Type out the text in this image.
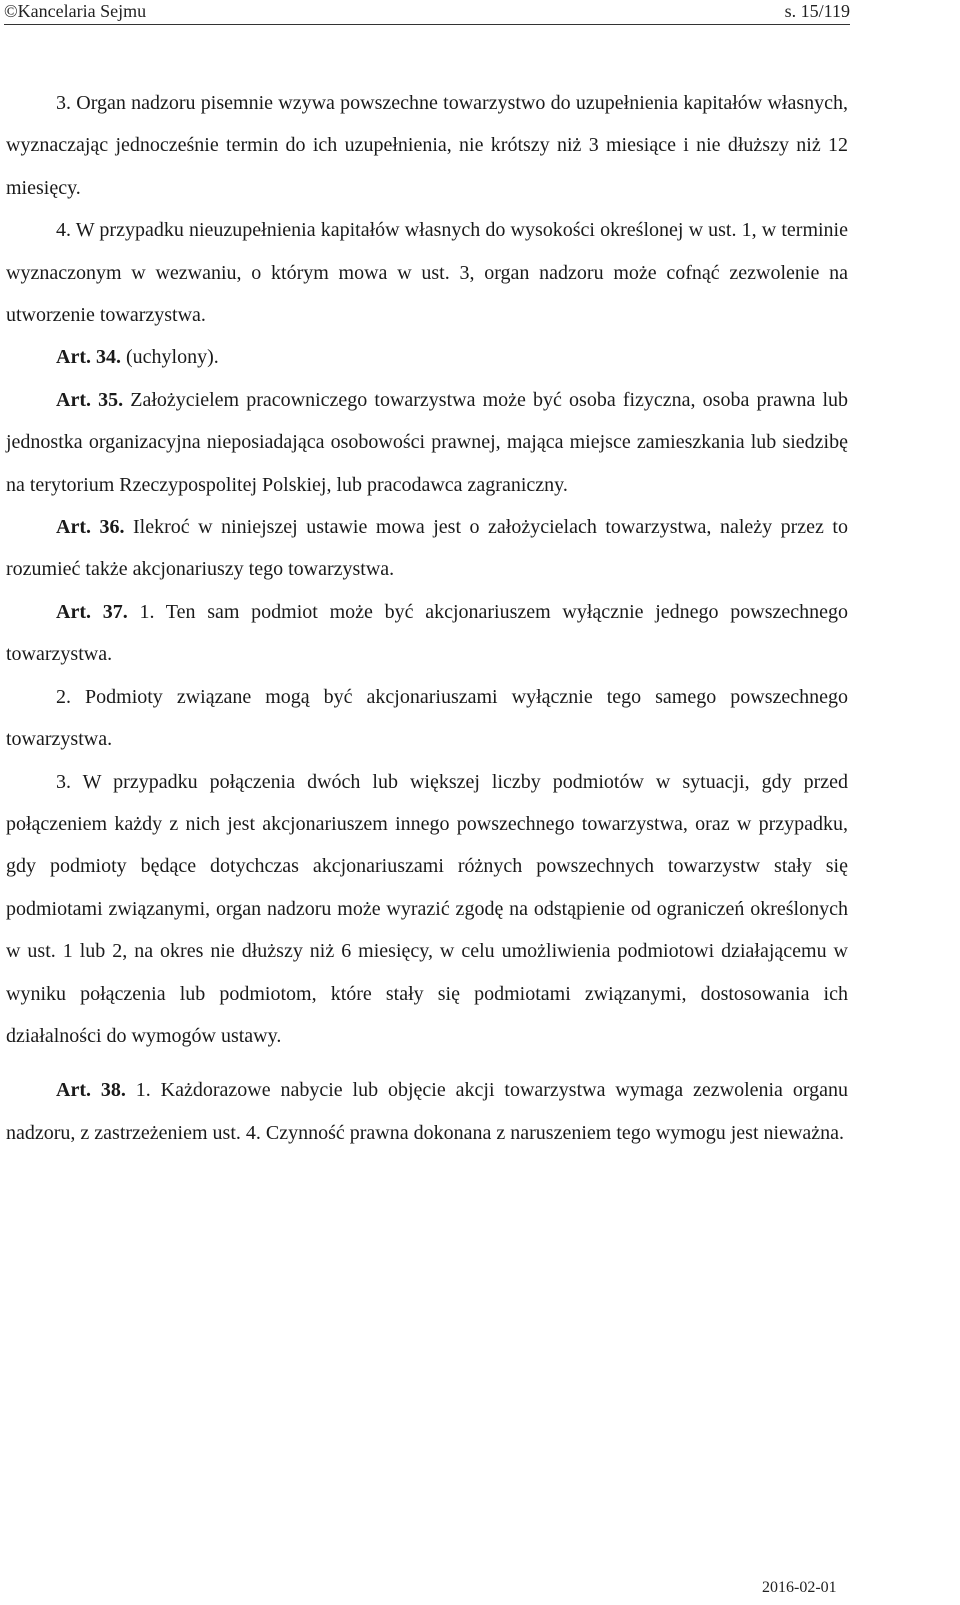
©Kancelaria Sejmu	s. 15/119

3. Organ nadzoru pisemnie wzywa powszechne towarzystwo do uzupełnienia kapitałów własnych, wyznaczając jednocześnie termin do ich uzupełnienia, nie krótszy niż 3 miesiące i nie dłuższy niż 12 miesięcy.

4. W przypadku nieuzupełnienia kapitałów własnych do wysokości określonej w ust. 1, w terminie wyznaczonym w wezwaniu, o którym mowa w ust. 3, organ nadzoru może cofnąć zezwolenie na utworzenie towarzystwa.

Art. 34. (uchylony).

Art. 35. Założycielem pracowniczego towarzystwa może być osoba fizyczna, osoba prawna lub jednostka organizacyjna nieposiadająca osobowości prawnej, mająca miejsce zamieszkania lub siedzibę na terytorium Rzeczypospolitej Polskiej, lub pracodawca zagraniczny.

Art. 36. Ilekroć w niniejszej ustawie mowa jest o założycielach towarzystwa, należy przez to rozumieć także akcjonariuszy tego towarzystwa.

Art. 37. 1. Ten sam podmiot może być akcjonariuszem wyłącznie jednego powszechnego towarzystwa.

2. Podmioty związane mogą być akcjonariuszami wyłącznie tego samego powszechnego towarzystwa.

3. W przypadku połączenia dwóch lub większej liczby podmiotów w sytuacji, gdy przed połączeniem każdy z nich jest akcjonariuszem innego powszechnego towarzystwa, oraz w przypadku, gdy podmioty będące dotychczas akcjonariuszami różnych powszechnych towarzystw stały się podmiotami związanymi, organ nadzoru może wyrazić zgodę na odstąpienie od ograniczeń określonych w ust. 1 lub 2, na okres nie dłuższy niż 6 miesięcy, w celu umożliwienia podmiotowi działającemu w wyniku połączenia lub podmiotom, które stały się podmiotami związanymi, dostosowania ich działalności do wymogów ustawy.

Art. 38. 1. Każdorazowe nabycie lub objęcie akcji towarzystwa wymaga zezwolenia organu nadzoru, z zastrzeżeniem ust. 4. Czynność prawna dokonana z naruszeniem tego wymogu jest nieważna.

2016-02-01
